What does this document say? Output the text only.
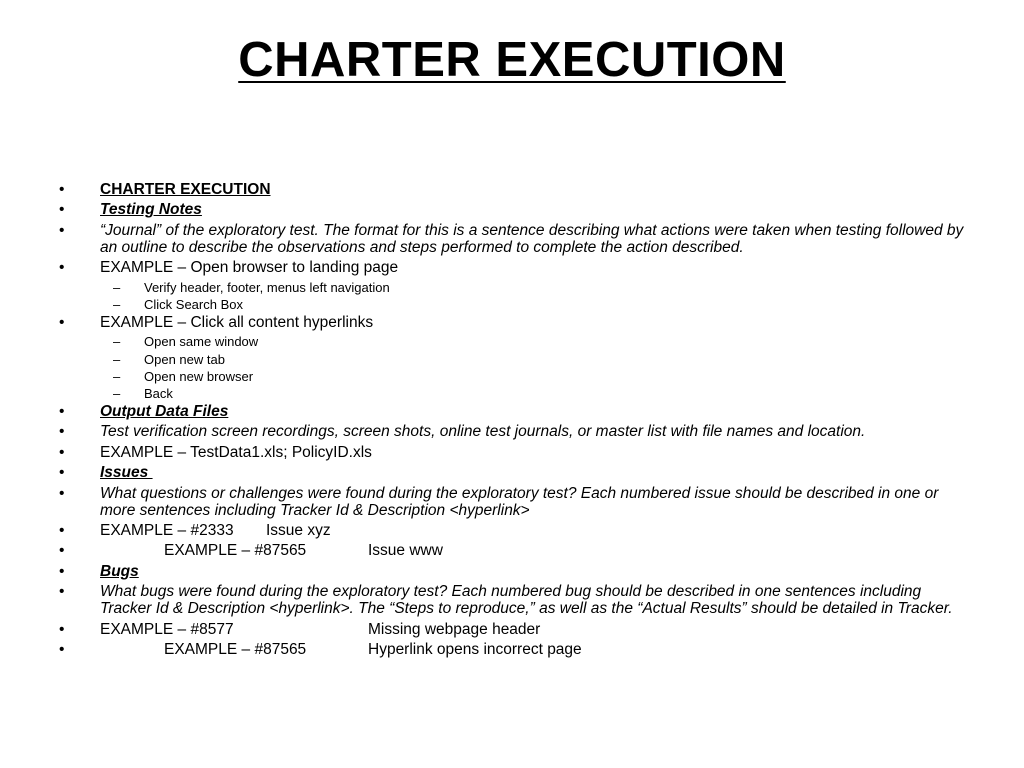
CHARTER EXECUTION
• CHARTER EXECUTION
• Testing Notes
• “Journal” of the exploratory test. The format for this is a sentence describing what actions were taken when testing followed by an outline to describe the observations and steps performed to complete the action described.
• EXAMPLE – Open browser to landing page
– Verify header, footer, menus left navigation
– Click Search Box
• EXAMPLE – Click all content hyperlinks
– Open same window
– Open new tab
– Open new browser
– Back
• Output Data Files
• Test verification screen recordings, screen shots, online test journals, or master list with file names and location.
• EXAMPLE – TestData1.xls; PolicyID.xls
• Issues
• What questions or challenges were found during the exploratory test? Each numbered issue should be described in one or more sentences including Tracker Id & Description <hyperlink>
• EXAMPLE – #2333 Issue xyz
•	EXAMPLE – #87565	Issue www
• Bugs
• What bugs were found during the exploratory test? Each numbered bug should be described in one sentences including Tracker Id & Description <hyperlink>. The “Steps to reproduce,” as well as the “Actual Results” should be detailed in Tracker.
• EXAMPLE – #8577	Missing webpage header
•	EXAMPLE – #87565	Hyperlink opens incorrect page
